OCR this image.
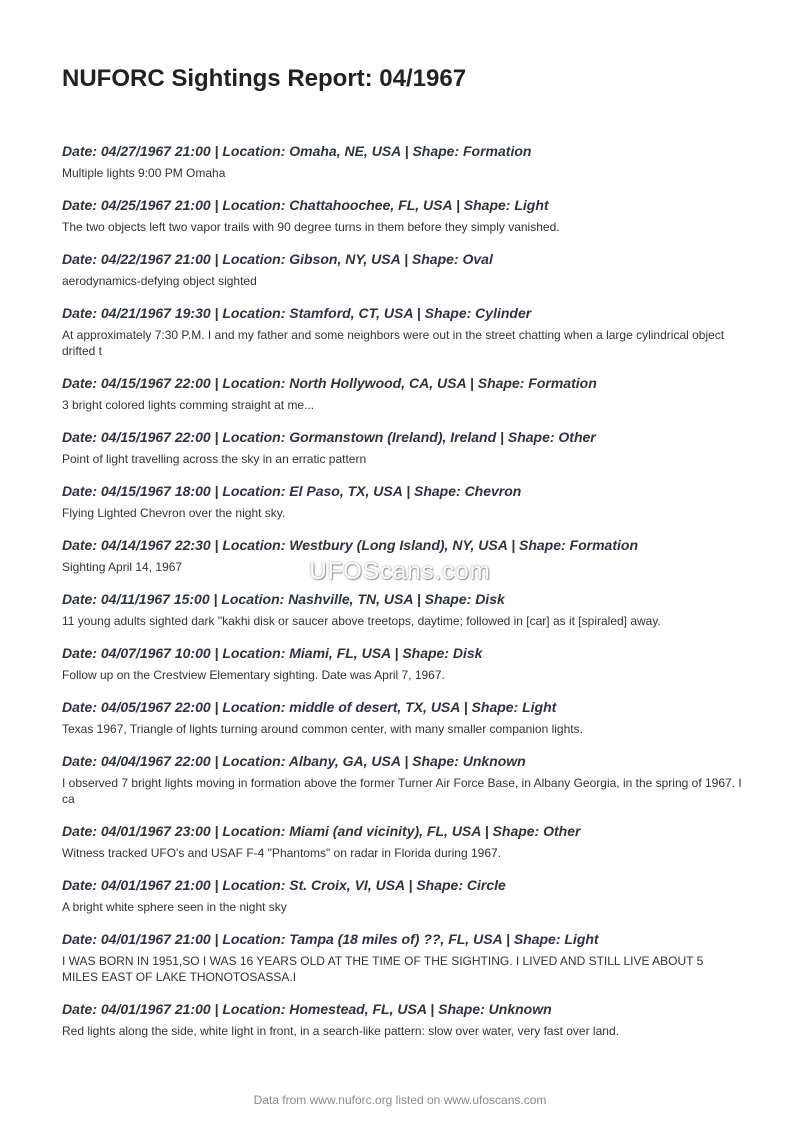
NUFORC Sightings Report: 04/1967
Date: 04/27/1967 21:00 | Location: Omaha, NE, USA | Shape: Formation
Multiple lights 9:00 PM Omaha
Date: 04/25/1967 21:00 | Location: Chattahoochee, FL, USA | Shape: Light
The two objects left two vapor trails with 90 degree turns in them before they simply vanished.
Date: 04/22/1967 21:00 | Location: Gibson, NY, USA | Shape: Oval
aerodynamics-defying object sighted
Date: 04/21/1967 19:30 | Location: Stamford, CT, USA | Shape: Cylinder
At approximately 7:30 P.M. I and my father and some neighbors were out in the street chatting when a large cylindrical object drifted t
Date: 04/15/1967 22:00 | Location: North Hollywood, CA, USA | Shape: Formation
3 bright colored lights comming straight at me...
Date: 04/15/1967 22:00 | Location: Gormanstown (Ireland), Ireland | Shape: Other
Point of light travelling across the sky in an erratic pattern
Date: 04/15/1967 18:00 | Location: El Paso, TX, USA | Shape: Chevron
Flying Lighted Chevron over the night sky.
Date: 04/14/1967 22:30 | Location: Westbury (Long Island), NY, USA | Shape: Formation
Sighting April 14, 1967
Date: 04/11/1967 15:00 | Location: Nashville, TN, USA | Shape: Disk
11 young adults sighted dark "kakhi disk or saucer above treetops, daytime; followed in [car] as it [spiraled] away.
Date: 04/07/1967 10:00 | Location: Miami, FL, USA | Shape: Disk
Follow up on the Crestview Elementary sighting. Date was April 7, 1967.
Date: 04/05/1967 22:00 | Location: middle of desert, TX, USA | Shape: Light
Texas 1967, Triangle of lights turning around common center, with many smaller companion lights.
Date: 04/04/1967 22:00 | Location: Albany, GA, USA | Shape: Unknown
I observed 7 bright lights moving in formation above the former Turner Air Force Base, in Albany Georgia, in the spring of 1967. I ca
Date: 04/01/1967 23:00 | Location: Miami (and vicinity), FL, USA | Shape: Other
Witness tracked UFO's and USAF F-4 "Phantoms" on radar in Florida during 1967.
Date: 04/01/1967 21:00 | Location: St. Croix, VI, USA | Shape: Circle
A bright white sphere seen in the night sky
Date: 04/01/1967 21:00 | Location: Tampa (18 miles of) ??, FL, USA | Shape: Light
I WAS BORN IN 1951,SO I WAS 16 YEARS OLD AT THE TIME OF THE SIGHTING. I LIVED AND STILL LIVE ABOUT 5 MILES EAST OF LAKE THONOTOSASSA.I
Date: 04/01/1967 21:00 | Location: Homestead, FL, USA | Shape: Unknown
Red lights along the side, white light in front, in a search-like pattern: slow over water, very fast over land.
UFOScans.com
Data from www.nuforc.org listed on www.ufoscans.com
